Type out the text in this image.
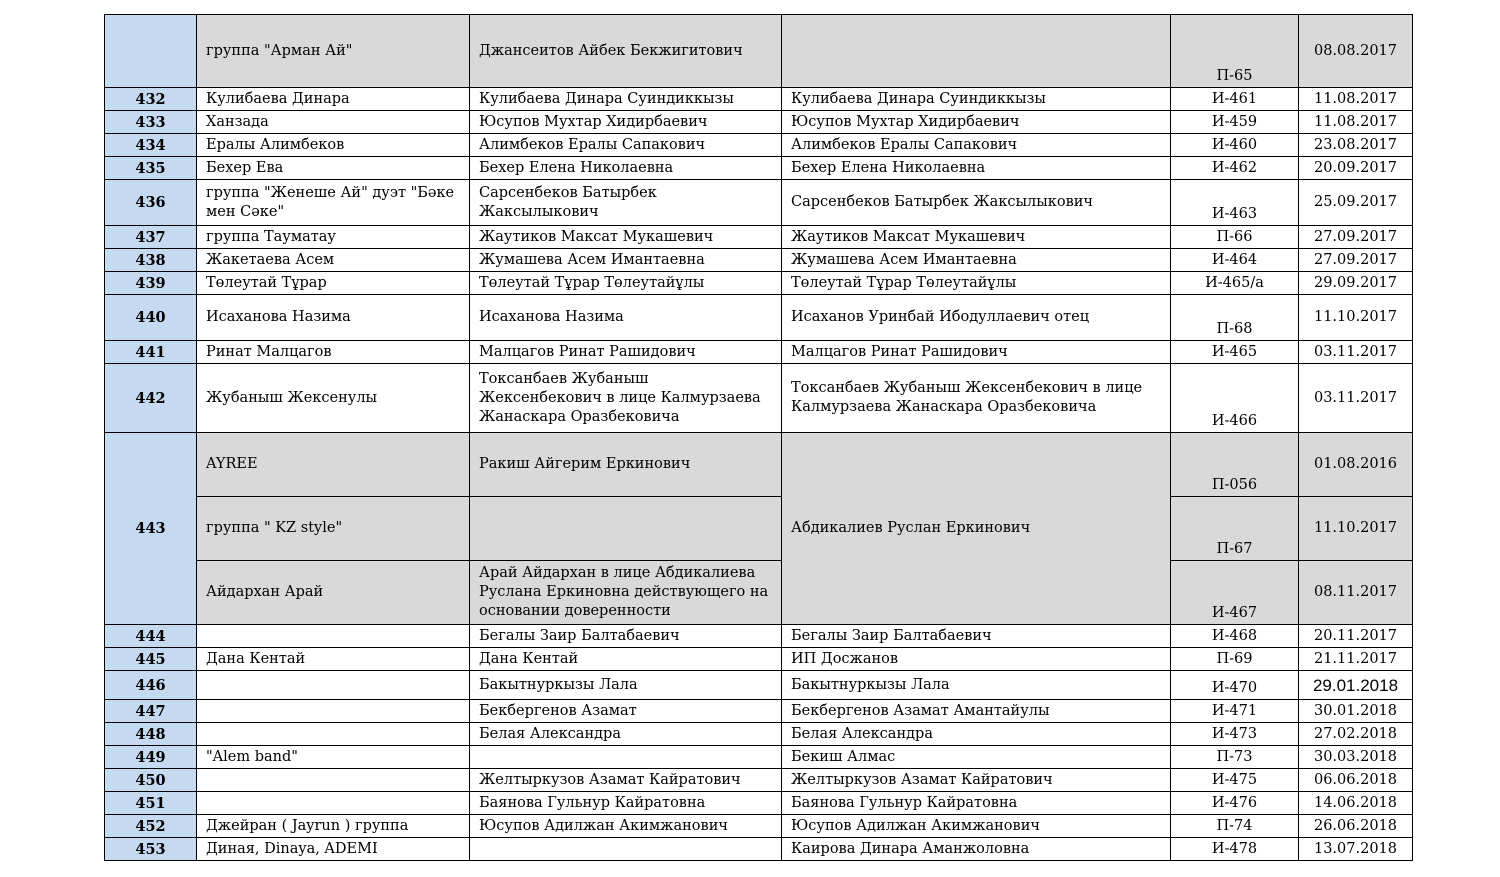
	группа "Арман Ай"	Джансеитов Айбек Бекжигитович		П-65	08.08.2017
432	Кулибаева Динара	Кулибаева Динара Суиндиккызы	Кулибаева Динара Суиндиккызы	И-461	11.08.2017
433	Ханзада	Юсупов Мухтар Хидирбаевич	Юсупов Мухтар Хидирбаевич	И-459	11.08.2017
434	Ералы Алимбеков	Алимбеков Ералы Сапакович	Алимбеков Ералы Сапакович	И-460	23.08.2017
435	Бехер Ева	Бехер Елена Николаевна	Бехер Елена Николаевна	И-462	20.09.2017
436	группа "Женеше Ай" дуэт "Бәке мен Сәке"	Сарсенбеков Батырбек Жаксылыкович	Сарсенбеков Батырбек Жаксылыкович	И-463	25.09.2017
437	группа Тауматау	Жаутиков Максат Мукашевич	Жаутиков Максат Мукашевич	П-66	27.09.2017
438	Жакетаева Асем	Жумашева Асем Имантаевна	Жумашева Асем Имантаевна	И-464	27.09.2017
439	Төлеутай Тұрар	Төлеутай Тұрар Төлеутайұлы	Төлеутай Тұрар Төлеутайұлы	И-465/а	29.09.2017
440	Исаханова Назима	Исаханова Назима	Исаханов Уринбай Ибодуллаевич отец	П-68	11.10.2017
441	Ринат Малцагов	Малцагов Ринат Рашидович	Малцагов Ринат Рашидович	И-465	03.11.2017
442	Жубаныш Жексенулы	Токсанбаев Жубаныш Жексенбекович в лице Калмурзаева Жанаскара Оразбековича	Токсанбаев Жубаныш Жексенбекович в лице Калмурзаева Жанаскара Оразбековича	И-466	03.11.2017
443	AYREE	Ракиш Айгерим Еркинович	Абдикалиев Руслан Еркинович	П-056	01.08.2016
	группа " KZ style"			П-67	11.10.2017
	Айдархан Арай	Арай Айдархан в лице Абдикалиева Руслана Еркиновна действующего на основании доверенности		И-467	08.11.2017
444		Бегалы Заир Балтабаевич	Бегалы Заир Балтабаевич	И-468	20.11.2017
445	Дана Кентай	Дана Кентай	ИП Досжанов	П-69	21.11.2017
446		Бакытнуркызы Лала	Бакытнуркызы Лала	И-470	29.01.2018
447		Бекбергенов Азамат	Бекбергенов Азамат Амантайулы	И-471	30.01.2018
448		Белая Александра	Белая Александра	И-473	27.02.2018
449	"Alem band"		Бекиш Алмас	П-73	30.03.2018
450		Желтыркузов Азамат Кайратович	Желтыркузов Азамат Кайратович	И-475	06.06.2018
451		Баянова Гульнур Кайратовна	Баянова Гульнур Кайратовна	И-476	14.06.2018
452	Джейран ( Jayrun ) группа	Юсупов Адилжан Акимжанович	Юсупов Адилжан Акимжанович	П-74	26.06.2018
453	Диная, Dinaya, ADEMI		Каирова Динара Аманжоловна	И-478	13.07.2018
